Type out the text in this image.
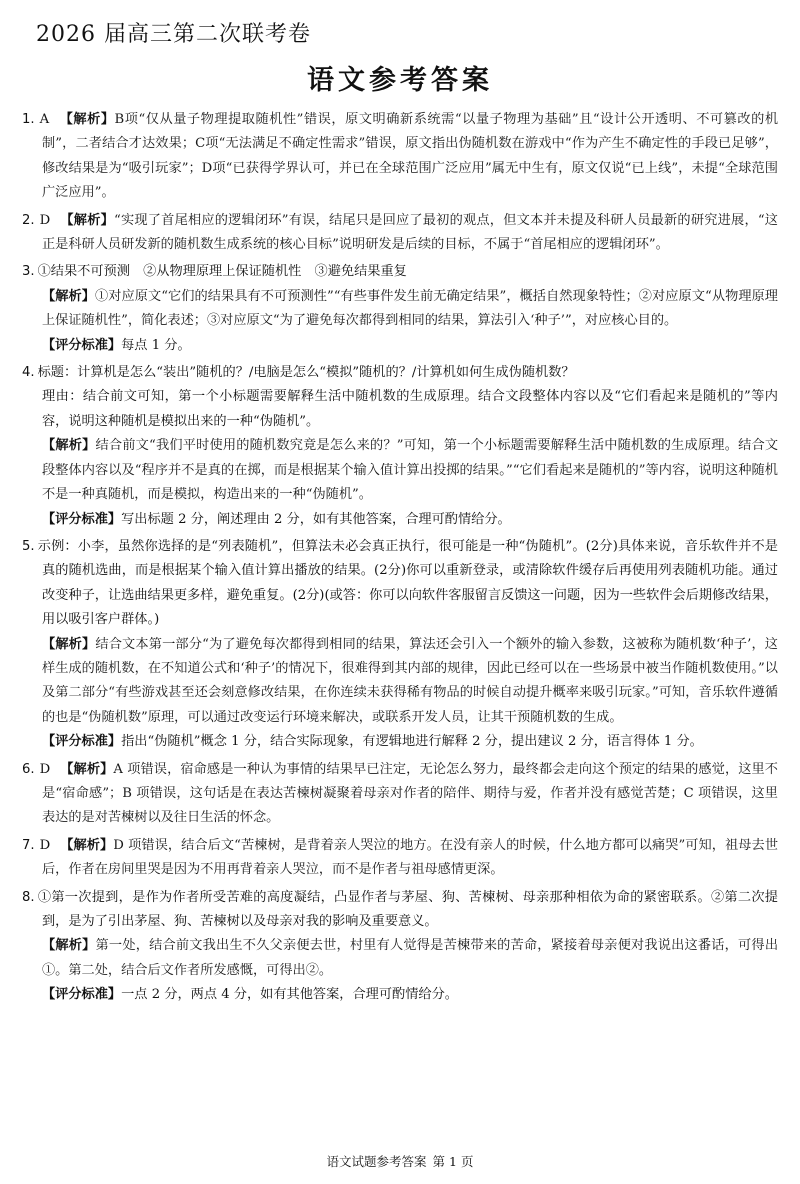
2026 届高三第二次联考卷
语文参考答案

1. A 【解析】B项“仅从量子物理提取随机性”错误，原文明确新系统需“以量子物理为基础”且“设计公开透明、不可篡改的机制”，二者结合才达效果；C项“无法满足不确定性需求”错误，原文指出伪随机数在游戏中“作为产生不确定性的手段已足够”，修改结果是为“吸引玩家”；D项“已获得学界认可，并已在全球范围广泛应用”属无中生有，原文仅说“已上线”，未提“全球范围广泛应用”。

2. D 【解析】“实现了首尾相应的逻辑闭环”有误，结尾只是回应了最初的观点，但文本并未提及科研人员最新的研究进展，“这正是科研人员研发新的随机数生成系统的核心目标”说明研发是后续的目标，不属于“首尾相应的逻辑闭环”。

3. ①结果不可预测　②从物理原理上保证随机性　③避免结果重复

【解析】①对应原文“它们的结果具有不可预测性”“有些事件发生前无确定结果”，概括自然现象特性；②对应原文“从物理原理上保证随机性”，简化表述；③对应原文“为了避免每次都得到相同的结果，算法引入‘种子’”，对应核心目的。

【评分标准】每点 1 分。

4. 标题：计算机是怎么“装出”随机的？/电脑是怎么“模拟”随机的？/计算机如何生成伪随机数？

理由：结合前文可知，第一个小标题需要解释生活中随机数的生成原理。结合文段整体内容以及“它们看起来是随机的”等内容，说明这种随机是模拟出来的一种“伪随机”。

【解析】结合前文“我们平时使用的随机数究竟是怎么来的？”可知，第一个小标题需要解释生活中随机数的生成原理。结合文段整体内容以及“程序并不是真的在掷，而是根据某个输入值计算出投掷的结果。”“它们看起来是随机的”等内容，说明这种随机不是一种真随机，而是模拟，构造出来的一种“伪随机”。

【评分标准】写出标题 2 分，阐述理由 2 分，如有其他答案，合理可酌情给分。

5. 示例：小李，虽然你选择的是“列表随机”，但算法未必会真正执行，很可能是一种“伪随机”。(2分)具体来说，音乐软件并不是真的随机选曲，而是根据某个输入值计算出播放的结果。(2分)你可以重新登录，或清除软件缓存后再使用列表随机功能。通过改变种子，让选曲结果更多样，避免重复。(2分)(或答：你可以向软件客服留言反馈这一问题，因为一些软件会后期修改结果，用以吸引客户群体。)

【解析】结合文本第一部分“为了避免每次都得到相同的结果，算法还会引入一个额外的输入参数，这被称为随机数‘种子’，这样生成的随机数，在不知道公式和‘种子’的情况下，很难得到其内部的规律，因此已经可以在一些场景中被当作随机数使用。”以及第二部分“有些游戏甚至还会刻意修改结果，在你连续未获得稀有物品的时候自动提升概率来吸引玩家。”可知，音乐软件遵循的也是“伪随机数”原理，可以通过改变运行环境来解决，或联系开发人员，让其干预随机数的生成。

【评分标准】指出“伪随机”概念 1 分，结合实际现象，有逻辑地进行解释 2 分，提出建议 2 分，语言得体 1 分。

6. D 【解析】A 项错误，宿命感是一种认为事情的结果早已注定，无论怎么努力，最终都会走向这个预定的结果的感觉，这里不是“宿命感”；B 项错误，这句话是在表达苦楝树凝聚着母亲对作者的陪伴、期待与爱，作者并没有感觉苦楚；C 项错误，这里表达的是对苦楝树以及往日生活的怀念。

7. D 【解析】D 项错误，结合后文“苦楝树，是背着亲人哭泣的地方。在没有亲人的时候，什么地方都可以痛哭”可知，祖母去世后，作者在房间里哭是因为不用再背着亲人哭泣，而不是作者与祖母感情更深。

8. ①第一次提到，是作为作者所受苦难的高度凝结，凸显作者与茅屋、狗、苦楝树、母亲那种相依为命的紧密联系。②第二次提到，是为了引出茅屋、狗、苦楝树以及母亲对我的影响及重要意义。

【解析】第一处，结合前文我出生不久父亲便去世，村里有人觉得是苦楝带来的苦命，紧接着母亲便对我说出这番话，可得出①。第二处，结合后文作者所发感慨，可得出②。

【评分标准】一点 2 分，两点 4 分，如有其他答案，合理可酌情给分。

语文试题参考答案 第 1 页
